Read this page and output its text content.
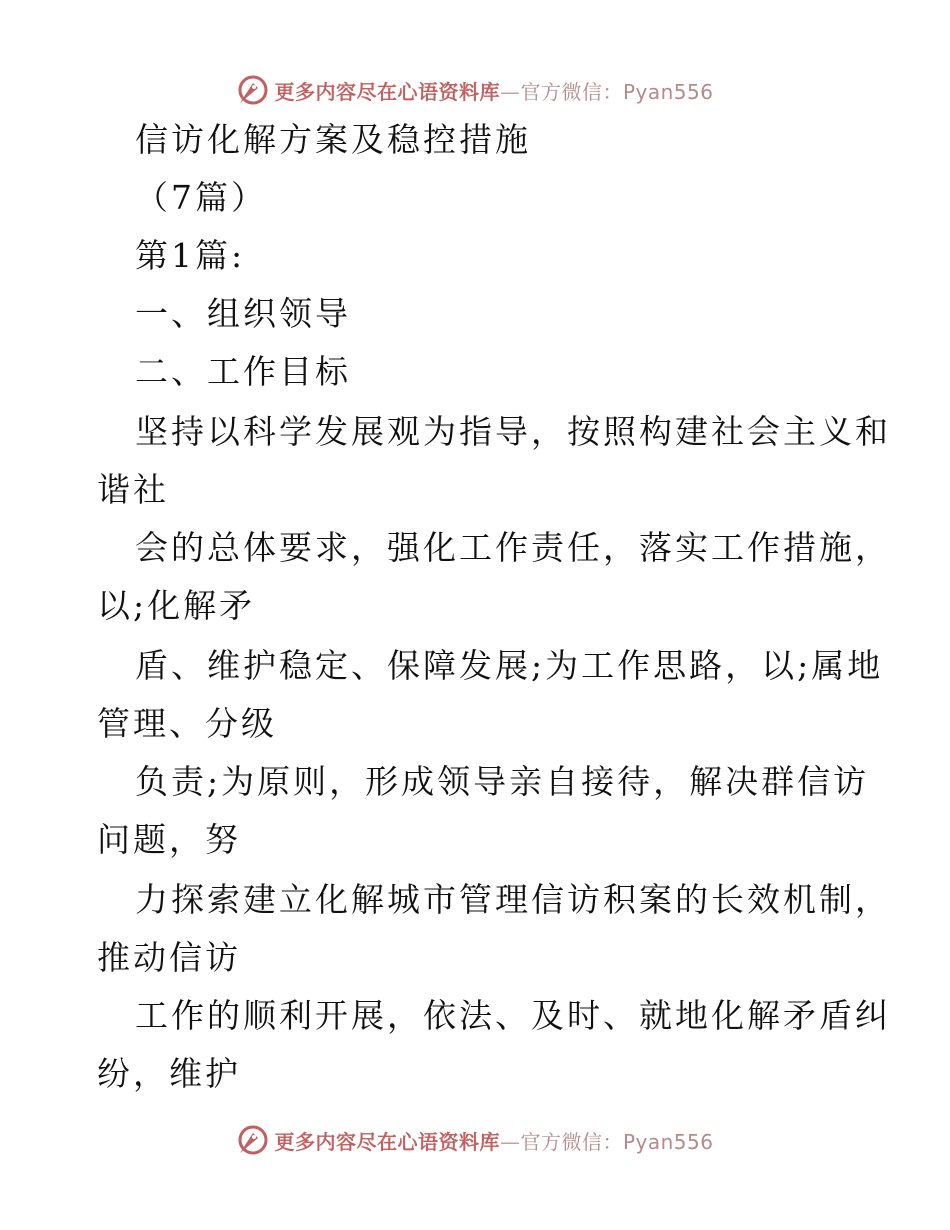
更多内容尽在心语资料库—官方微信：Pyan556
信访化解方案及稳控措施
（7篇）
第1篇:
一、组织领导
二、工作目标
坚持以科学发展观为指导，按照构建社会主义和
谐社
会的总体要求，强化工作责任，落实工作措施，
以;化解矛
盾、维护稳定、保障发展;为工作思路，以;属地
管理、分级
负责;为原则，形成领导亲自接待，解决群信访
问题，努
力探索建立化解城市管理信访积案的长效机制，
推动信访
工作的顺利开展，依法、及时、就地化解矛盾纠
纷，维护
更多内容尽在心语资料库—官方微信：Pyan556
